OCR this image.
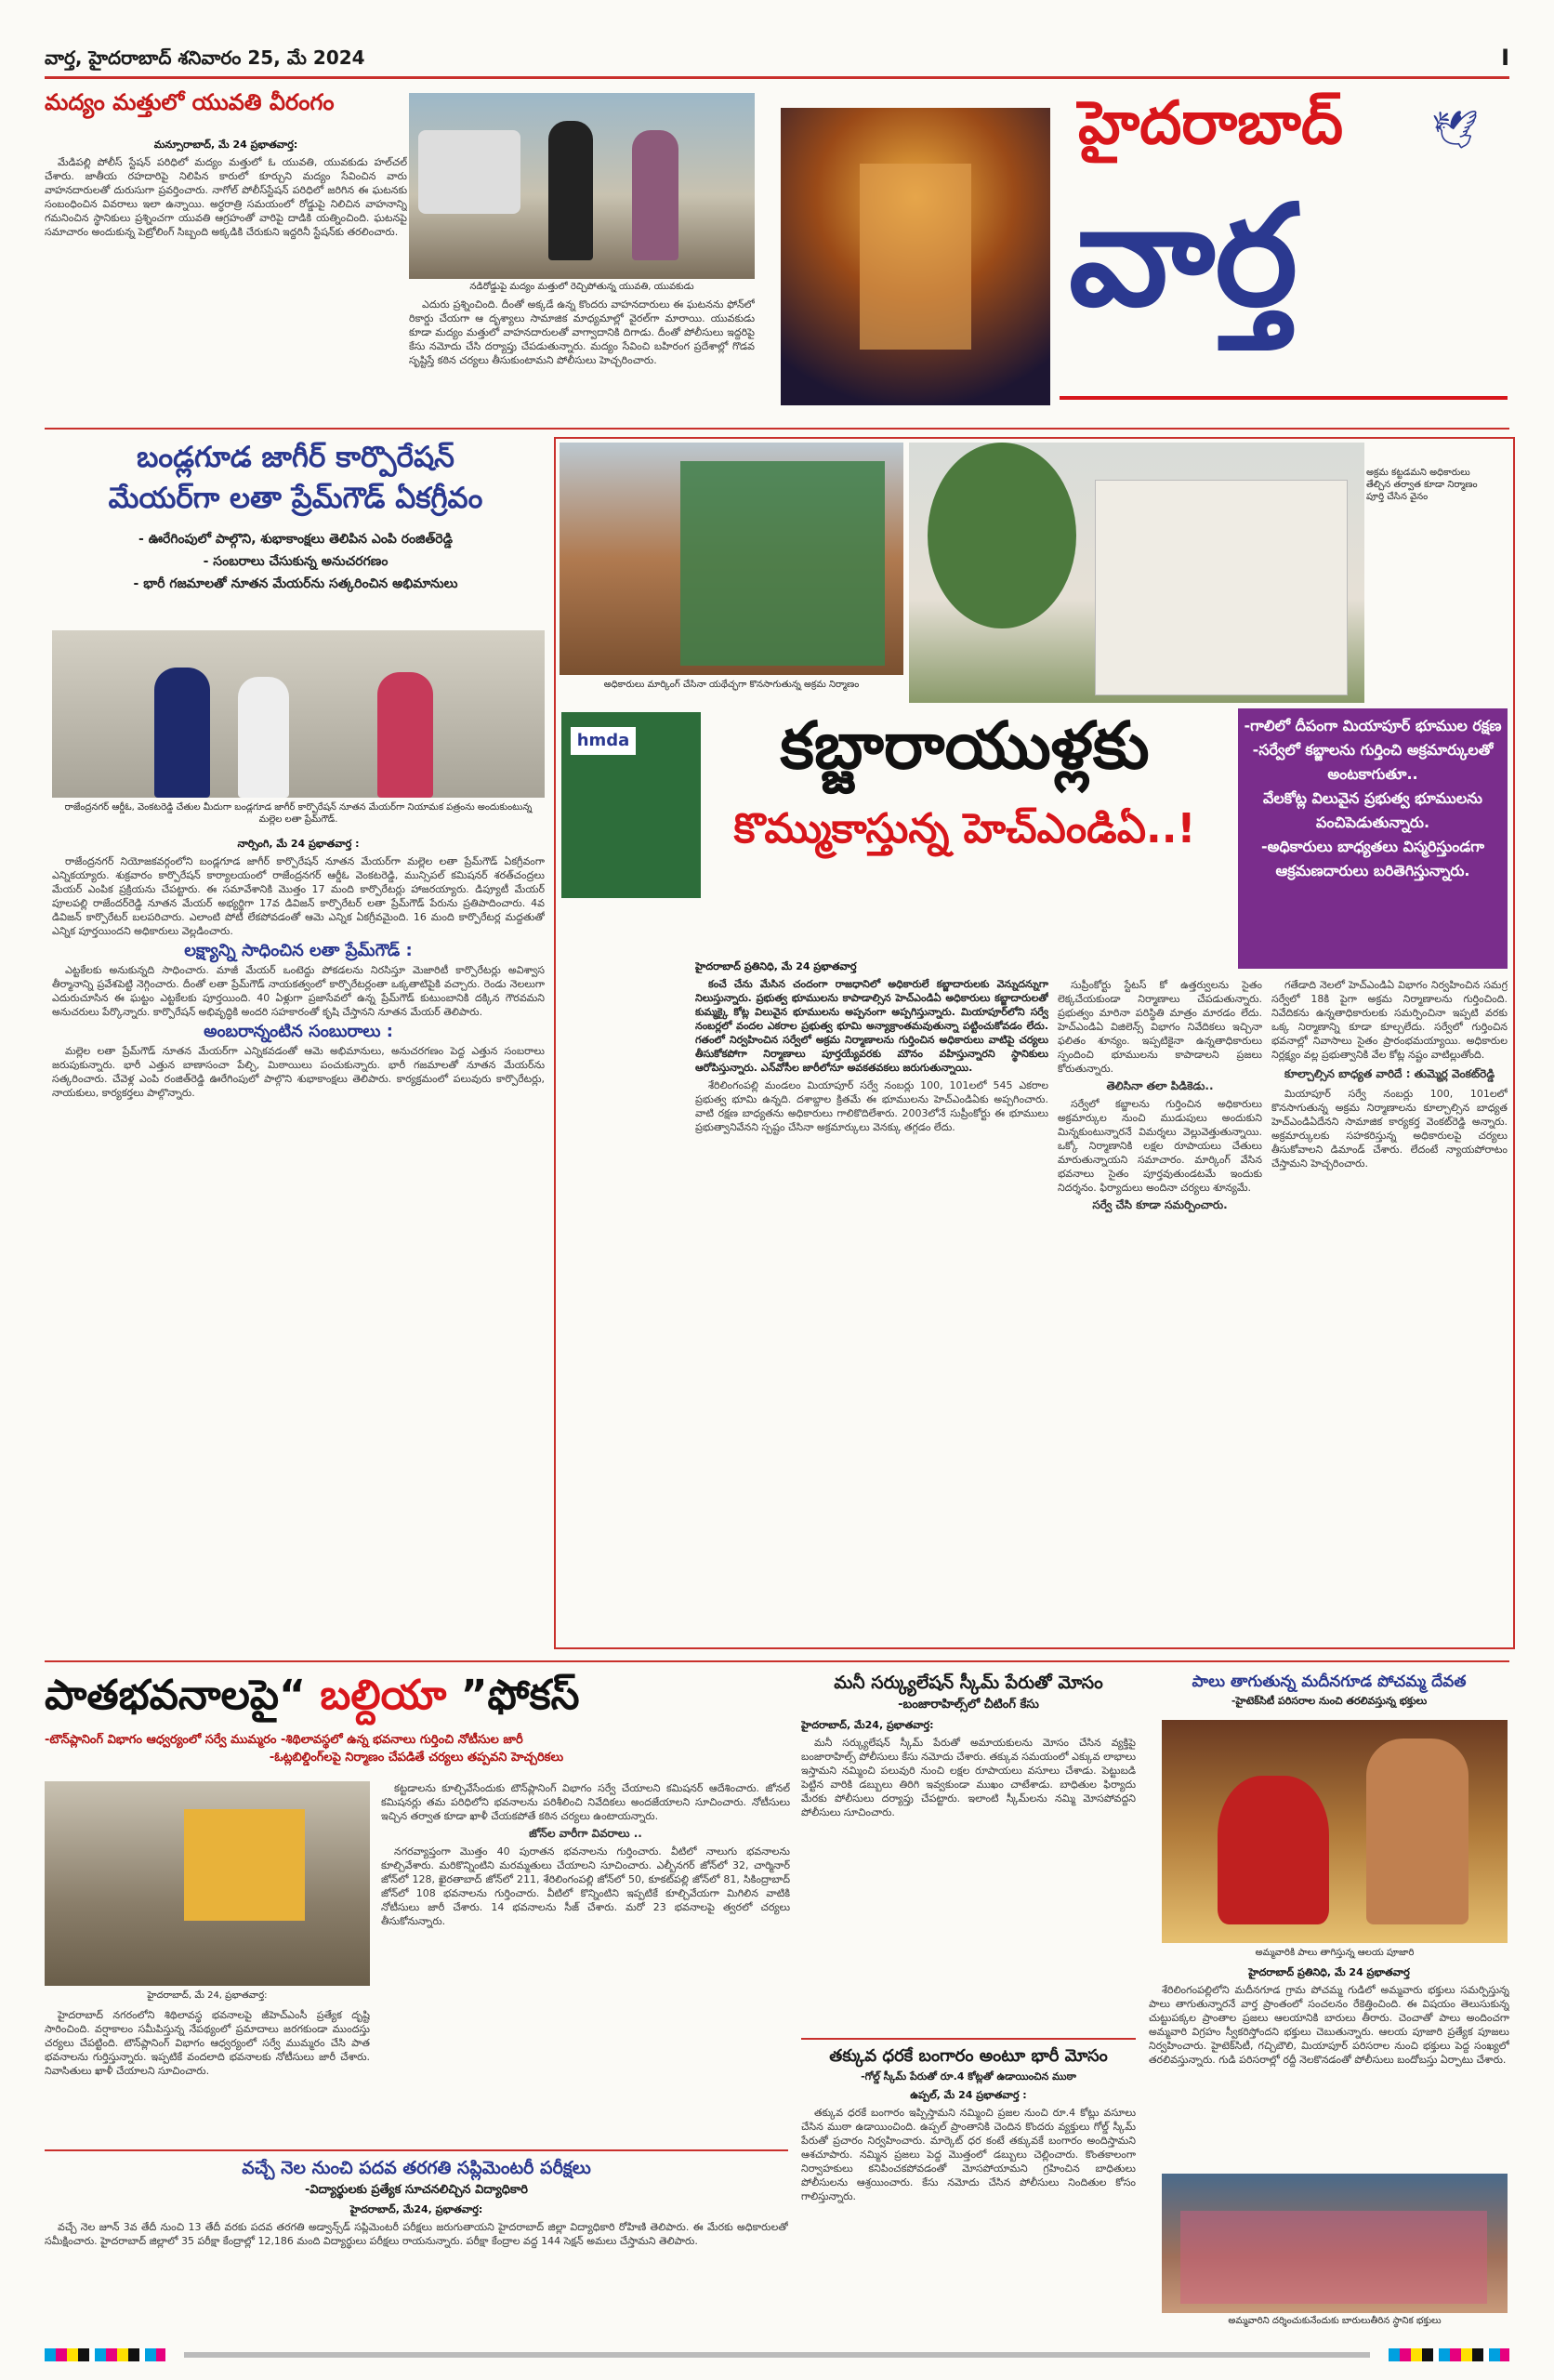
వార్త, హైదరాబాద్ శనివారం 25, మే 2024	I
మద్యం మత్తులో యువతి వీరంగం
మన్సూరాబాద్, మే 24 ప్రభాతవార్త:

మేడిపల్లి పోలీస్ స్టేషన్ పరిధిలో మద్యం మత్తులో ఓ యువతి, యువకుడు హల్‌చల్ చేశారు. జాతీయ రహదారిపై నిలిపిన కారులో కూర్చుని మద్యం సేవించిన వారు వాహనదారులతో దురుసుగా ప్రవర్తించారు. నాగోల్ పోలీస్‌స్టేషన్ పరిధిలో జరిగిన ఈ ఘటనకు సంబంధించిన వివరాలు ఇలా ఉన్నాయి. అర్ధరాత్రి సమయంలో రోడ్డుపై నిలిచిన వాహనాన్ని గమనించిన స్థానికులు ప్రశ్నించగా యువతి ఆగ్రహంతో వారిపై దాడికి యత్నించింది. ఘటనపై సమాచారం అందుకున్న పెట్రోలింగ్ సిబ్బంది అక్కడికి చేరుకుని ఇద్దరినీ స్టేషన్‌కు తరలించారు.

నడిరోడ్డుపై మద్యం మత్తులో రెచ్చిపోతున్న యువతి, యువకుడు

ఎదురు ప్రశ్నించింది. దీంతో అక్కడే ఉన్న కొందరు వాహనదారులు ఈ ఘటనను ఫోన్‌లో రికార్డు చేయగా ఆ దృశ్యాలు సామాజిక మాధ్యమాల్లో వైరల్‌గా మారాయి. యువకుడు కూడా మద్యం మత్తులో వాహనదారులతో వాగ్వాదానికి దిగాడు. దీంతో పోలీసులు ఇద్దరిపై కేసు నమోదు చేసి దర్యాప్తు చేపడుతున్నారు. మద్యం సేవించి బహిరంగ ప్రదేశాల్లో గొడవ సృష్టిస్తే కఠిన చర్యలు తీసుకుంటామని పోలీసులు హెచ్చరించారు.

హైదరాబాద్
వార్త
🕊
బండ్లగూడ జాగీర్ కార్పొరేషన్
మేయర్‌గా లతా ప్రేమ్‌గౌడ్ ఏకగ్రీవం
- ఊరేగింపులో పాల్గొని, శుభాకాంక్షలు తెలిపిన ఎంపి రంజిత్‌రెడ్డి
- సంబరాలు చేసుకున్న అనుచరగణం
- భారీ గజమాలతో నూతన మేయర్‌ను సత్కరించిన అభిమానులు
రాజేంద్రనగర్ ఆర్డీఓ, వెంకటరెడ్డి చేతుల మీదుగా బండ్లగూడ జాగీర్ కార్పొరేషన్ నూతన మేయర్‌గా నియామక పత్రంను అందుకుంటున్న మల్లెల లతా ప్రేమ్‌గౌడ్.
నార్సింగి, మే 24 ప్రభాతవార్త :

రాజేంద్రనగర్ నియోజకవర్గంలోని బండ్లగూడ జాగీర్ కార్పొరేషన్ నూతన మేయర్‌గా మల్లెల లతా ప్రేమ్‌గౌడ్ ఏకగ్రీవంగా ఎన్నికయ్యారు. శుక్రవారం కార్పొరేషన్ కార్యాలయంలో రాజేంద్రనగర్ ఆర్డీఓ వెంకటరెడ్డి, మున్సిపల్ కమిషనర్ శరత్‌చంద్రలు మేయర్ ఎంపిక ప్రక్రియను చేపట్టారు. ఈ సమావేశానికి మొత్తం 17 మంది కార్పొరేటర్లు హాజరయ్యారు. డిప్యూటీ మేయర్ పూలపల్లి రాజేందర్‌రెడ్డి నూతన మేయర్ అభ్యర్థిగా 17వ డివిజన్ కార్పొరేటర్ లతా ప్రేమ్‌గౌడ్ పేరును ప్రతిపాదించారు. 4వ డివిజన్ కార్పొరేటర్ బలపరిచారు. ఎలాంటి పోటీ లేకపోవడంతో ఆమె ఎన్నిక ఏకగ్రీవమైంది. 16 మంది కార్పొరేటర్ల మద్దతుతో ఎన్నిక పూర్తయిందని అధికారులు వెల్లడించారు.

లక్ష్యాన్ని సాధించిన లతా ప్రేమ్‌గౌడ్ :

ఎట్టకేలకు అనుకున్నది సాధించారు. మాజీ మేయర్ ఒంటెద్దు పోకడలను నిరసిస్తూ మెజారిటీ కార్పొరేటర్లు అవిశ్వాస తీర్మానాన్ని ప్రవేశపెట్టి నెగ్గించారు. దీంతో లతా ప్రేమ్‌గౌడ్ నాయకత్వంలో కార్పొరేటర్లంతా ఒక్కతాటిపైకి వచ్చారు. రెండు నెలలుగా ఎదురుచూసిన ఈ ఘట్టం ఎట్టకేలకు పూర్తయింది. 40 ఏళ్లుగా ప్రజాసేవలో ఉన్న ప్రేమ్‌గౌడ్ కుటుంబానికి దక్కిన గౌరవమని అనుచరులు పేర్కొన్నారు. కార్పొరేషన్ అభివృద్ధికి అందరి సహకారంతో కృషి చేస్తానని నూతన మేయర్ తెలిపారు.

అంబరాన్నంటిన సంబురాలు :

మల్లెల లతా ప్రేమ్‌గౌడ్ నూతన మేయర్‌గా ఎన్నికవడంతో ఆమె అభిమానులు, అనుచరగణం పెద్ద ఎత్తున సంబరాలు జరుపుకున్నారు. భారీ ఎత్తున బాణాసంచా పేల్చి, మిఠాయిలు పంచుకున్నారు. భారీ గజమాలతో నూతన మేయర్‌ను సత్కరించారు. చేవెళ్ల ఎంపి రంజిత్‌రెడ్డి ఊరేగింపులో పాల్గొని శుభాకాంక్షలు తెలిపారు. కార్యక్రమంలో పలువురు కార్పొరేటర్లు, నాయకులు, కార్యకర్తలు పాల్గొన్నారు.

అధికారులు మార్కింగ్ చేసినా యథేచ్ఛగా కొనసాగుతున్న అక్రమ నిర్మాణం
అక్రమ కట్టడమని అధికారులు తేల్చిన తర్వాత కూడా నిర్మాణం పూర్తి చేసిన వైనం
hmda	కబ్జారాయుళ్లకు
కొమ్ముకాస్తున్న హెచ్‌ఎండిఏ..!
-గాలిలో దీపంగా మియాపూర్ భూముల రక్షణ
-సర్వేలో కబ్జాలను గుర్తించి అక్రమార్కులతో అంటకాగుతూ..
వేలకోట్ల విలువైన ప్రభుత్వ భూములను పంచిపెడుతున్నారు.
-అధికారులు బాధ్యతలు విస్మరిస్తుండగా ఆక్రమణదారులు బరితెగిస్తున్నారు.
హైదరాబాద్ ప్రతినిధి, మే 24 ప్రభాతవార్త

కంచే చేను మేసిన చందంగా రాజధానిలో అధికారులే కబ్జాదారులకు వెన్నుదన్నుగా నిలుస్తున్నారు. ప్రభుత్వ భూములను కాపాడాల్సిన హెచ్‌ఎండిఏ అధికారులు కబ్జాదారులతో కుమ్మక్కై కోట్ల విలువైన భూములను అప్పనంగా అప్పగిస్తున్నారు. మియాపూర్‌లోని సర్వే నంబర్లలో వందల ఎకరాల ప్రభుత్వ భూమి అన్యాక్రాంతమవుతున్నా పట్టించుకోవడం లేదు. గతంలో నిర్వహించిన సర్వేలో అక్రమ నిర్మాణాలను గుర్తించిన అధికారులు వాటిపై చర్యలు తీసుకోకపోగా నిర్మాణాలు పూర్తయ్యేవరకు మౌనం వహిస్తున్నారని స్థానికులు ఆరోపిస్తున్నారు. ఎన్‌వోసీల జారీలోనూ అవకతవకలు జరుగుతున్నాయి.

శేరిలింగంపల్లి మండలం మియాపూర్ సర్వే నంబర్లు 100, 101లలో 545 ఎకరాల ప్రభుత్వ భూమి ఉన్నది. దశాబ్దాల క్రితమే ఈ భూములను హెచ్‌ఎండిఏకు అప్పగించారు. వాటి రక్షణ బాధ్యతను అధికారులు గాలికొదిలేశారు. 2003లోనే సుప్రీంకోర్టు ఈ భూములు ప్రభుత్వానివేనని స్పష్టం చేసినా అక్రమార్కులు వెనక్కు తగ్గడం లేదు.

సుప్రీంకోర్టు స్టేటస్ కో ఉత్తర్వులను సైతం లెక్కచేయకుండా నిర్మాణాలు చేపడుతున్నారు. ప్రభుత్వం మారినా పరిస్థితి మాత్రం మారడం లేదు. హెచ్‌ఎండిఏ విజిలెన్స్ విభాగం నివేదికలు ఇచ్చినా ఫలితం శూన్యం. ఇప్పటికైనా ఉన్నతాధికారులు స్పందించి భూములను కాపాడాలని ప్రజలు కోరుతున్నారు.

తెలిసినా తలా పిడికెడు..

సర్వేలో కబ్జాలను గుర్తించిన అధికారులు అక్రమార్కుల నుంచి ముడుపులు అందుకుని మిన్నకుంటున్నారనే విమర్శలు వెల్లువెత్తుతున్నాయి. ఒక్కో నిర్మాణానికి లక్షల రూపాయలు చేతులు మారుతున్నాయని సమాచారం. మార్కింగ్ వేసిన భవనాలు సైతం పూర్తవుతుండటమే ఇందుకు నిదర్శనం. ఫిర్యాదులు అందినా చర్యలు శూన్యమే.

సర్వే చేసి కూడా సమర్పించారు.

గతేడాది నెలలో హెచ్‌ఎండిఏ విభాగం నిర్వహించిన సమగ్ర సర్వేలో 18కి పైగా అక్రమ నిర్మాణాలను గుర్తించింది. నివేదికను ఉన్నతాధికారులకు సమర్పించినా ఇప్పటి వరకు ఒక్క నిర్మాణాన్ని కూడా కూల్చలేదు. సర్వేలో గుర్తించిన భవనాల్లో నివాసాలు సైతం ప్రారంభమయ్యాయి. అధికారుల నిర్లక్ష్యం వల్ల ప్రభుత్వానికి వేల కోట్ల నష్టం వాటిల్లుతోంది.

కూల్చాల్సిన బాధ్యత వారిదే : తుమ్మెర్ల వెంకట్‌రెడ్డి

మియాపూర్ సర్వే నంబర్లు 100, 101లలో కొనసాగుతున్న అక్రమ నిర్మాణాలను కూల్చాల్సిన బాధ్యత హెచ్‌ఎండిఏదేనని సామాజిక కార్యకర్త వెంకట్‌రెడ్డి అన్నారు. అక్రమార్కులకు సహకరిస్తున్న అధికారులపై చర్యలు తీసుకోవాలని డిమాండ్ చేశారు. లేదంటే న్యాయపోరాటం చేస్తామని హెచ్చరించారు.

పాతభవనాలపై“ బల్దియా ”ఫోకస్
-టౌన్‌ప్లానింగ్ విభాగం ఆధ్వర్యంలో సర్వే ముమ్మరం -శిథిలావస్థలో ఉన్న భవనాలు గుర్తించి నోటీసుల జారీ
-ఓట్లబిల్డింగ్‌లపై నిర్మాణం చేపడితే చర్యలు తప్పవని హెచ్చరికలు
హైదరాబాద్, మే 24, ప్రభాతవార్త:

హైదరాబాద్ నగరంలోని శిథిలావస్థ భవనాలపై జీహెచ్‌ఎంసీ ప్రత్యేక దృష్టి సారించింది. వర్షాకాలం సమీపిస్తున్న నేపథ్యంలో ప్రమాదాలు జరగకుండా ముందస్తు చర్యలు చేపట్టింది. టౌన్‌ప్లానింగ్ విభాగం ఆధ్వర్యంలో సర్వే ముమ్మరం చేసి పాత భవనాలను గుర్తిస్తున్నారు. ఇప్పటికే వందలాది భవనాలకు నోటీసులు జారీ చేశారు. నివాసితులు ఖాళీ చేయాలని సూచించారు.

కట్టడాలను కూల్చివేసేందుకు టౌన్‌ప్లానింగ్ విభాగం సర్వే చేయాలని కమిషనర్ ఆదేశించారు. జోనల్ కమిషనర్లు తమ పరిధిలోని భవనాలను పరిశీలించి నివేదికలు అందజేయాలని సూచించారు. నోటీసులు ఇచ్చిన తర్వాత కూడా ఖాళీ చేయకపోతే కఠిన చర్యలు ఉంటాయన్నారు.

జోన్‌ల వారీగా వివరాలు ..

నగరవ్యాప్తంగా మొత్తం 40 పురాతన భవనాలను గుర్తించారు. వీటిలో నాలుగు భవనాలను కూల్చివేశారు. మరికొన్నింటిని మరమ్మతులు చేయాలని సూచించారు. ఎల్బీనగర్ జోన్‌లో 32, చార్మినార్ జోన్‌లో 128, ఖైరతాబాద్ జోన్‌లో 211, శేరిలింగంపల్లి జోన్‌లో 50, కూకట్‌పల్లి జోన్‌లో 81, సికింద్రాబాద్ జోన్‌లో 108 భవనాలను గుర్తించారు. వీటిలో కొన్నింటిని ఇప్పటికే కూల్చివేయగా మిగిలిన వాటికి నోటీసులు జారీ చేశారు. 14 భవనాలను సీజ్ చేశారు. మరో 23 భవనాలపై త్వరలో చర్యలు తీసుకోనున్నారు.

వచ్చే నెల నుంచి పదవ తరగతి సప్లిమెంటరీ పరీక్షలు
-విద్యార్థులకు ప్రత్యేక సూచనలిచ్చిన విద్యాధికారి
హైదరాబాద్, మే24, ప్రభాతవార్త:

వచ్చే నెల జూన్ 3వ తేదీ నుంచి 13 తేదీ వరకు పదవ తరగతి అడ్వాన్స్‌డ్ సప్లిమెంటరీ పరీక్షలు జరుగుతాయని హైదరాబాద్ జిల్లా విద్యాధికారి రోహిణి తెలిపారు. ఈ మేరకు అధికారులతో సమీక్షించారు. హైదరాబాద్ జిల్లాలో 35 పరీక్షా కేంద్రాల్లో 12,186 మంది విద్యార్థులు పరీక్షలు రాయనున్నారు. పరీక్షా కేంద్రాల వద్ద 144 సెక్షన్ అమలు చేస్తామని తెలిపారు.

మనీ సర్క్యులేషన్ స్కీమ్ పేరుతో మోసం
-బంజారాహిల్స్‌లో చీటింగ్ కేసు
హైదరాబాద్, మే24, ప్రభాతవార్త:

మనీ సర్క్యులేషన్ స్కీమ్ పేరుతో అమాయకులను మోసం చేసిన వ్యక్తిపై బంజారాహిల్స్ పోలీసులు కేసు నమోదు చేశారు. తక్కువ సమయంలో ఎక్కువ లాభాలు ఇస్తామని నమ్మించి పలువురి నుంచి లక్షల రూపాయలు వసూలు చేశాడు. పెట్టుబడి పెట్టిన వారికి డబ్బులు తిరిగి ఇవ్వకుండా ముఖం చాటేశాడు. బాధితుల ఫిర్యాదు మేరకు పోలీసులు దర్యాప్తు చేపట్టారు. ఇలాంటి స్కీమ్‌లను నమ్మి మోసపోవద్దని పోలీసులు సూచించారు.

తక్కువ ధరకే బంగారం అంటూ భారీ మోసం
-గోల్డ్ స్కీమ్ పేరుతో రూ.4 కోట్లతో ఉడాయించిన ముఠా
ఉప్పల్, మే 24 ప్రభాతవార్త :

తక్కువ ధరకే బంగారం ఇప్పిస్తామని నమ్మించి ప్రజల నుంచి రూ.4 కోట్లు వసూలు చేసిన ముఠా ఉడాయించింది. ఉప్పల్ ప్రాంతానికి చెందిన కొందరు వ్యక్తులు గోల్డ్ స్కీమ్ పేరుతో ప్రచారం నిర్వహించారు. మార్కెట్ ధర కంటే తక్కువకే బంగారం అందిస్తామని ఆశచూపారు. నమ్మిన ప్రజలు పెద్ద మొత్తంలో డబ్బులు చెల్లించారు. కొంతకాలంగా నిర్వాహకులు కనిపించకపోవడంతో మోసపోయామని గ్రహించిన బాధితులు పోలీసులను ఆశ్రయించారు. కేసు నమోదు చేసిన పోలీసులు నిందితుల కోసం గాలిస్తున్నారు.

పాలు తాగుతున్న మదీనగూడ పోచమ్మ దేవత
-హైటెక్‌సిటీ పరిసరాల నుంచి తరలివస్తున్న భక్తులు
అమ్మవారికి పాలు తాగిస్తున్న ఆలయ పూజారి
హైదరాబాద్ ప్రతినిధి, మే 24 ప్రభాతవార్త

శేరిలింగంపల్లిలోని మదీనగూడ గ్రామ పోచమ్మ గుడిలో అమ్మవారు భక్తులు సమర్పిస్తున్న పాలు తాగుతున్నారనే వార్త ప్రాంతంలో సంచలనం రేకెత్తించింది. ఈ విషయం తెలుసుకున్న చుట్టుపక్కల ప్రాంతాల ప్రజలు ఆలయానికి బారులు తీరారు. చెంచాతో పాలు అందించగా అమ్మవారి విగ్రహం స్వీకరిస్తోందని భక్తులు చెబుతున్నారు. ఆలయ పూజారి ప్రత్యేక పూజలు నిర్వహించారు. హైటెక్‌సిటీ, గచ్చిబౌలి, మియాపూర్ పరిసరాల నుంచి భక్తులు పెద్ద సంఖ్యలో తరలివస్తున్నారు. గుడి పరిసరాల్లో రద్దీ నెలకొనడంతో పోలీసులు బందోబస్తు ఏర్పాటు చేశారు.

అమ్మవారిని దర్శించుకునేందుకు బారులుతీరిన స్థానిక భక్తులు
